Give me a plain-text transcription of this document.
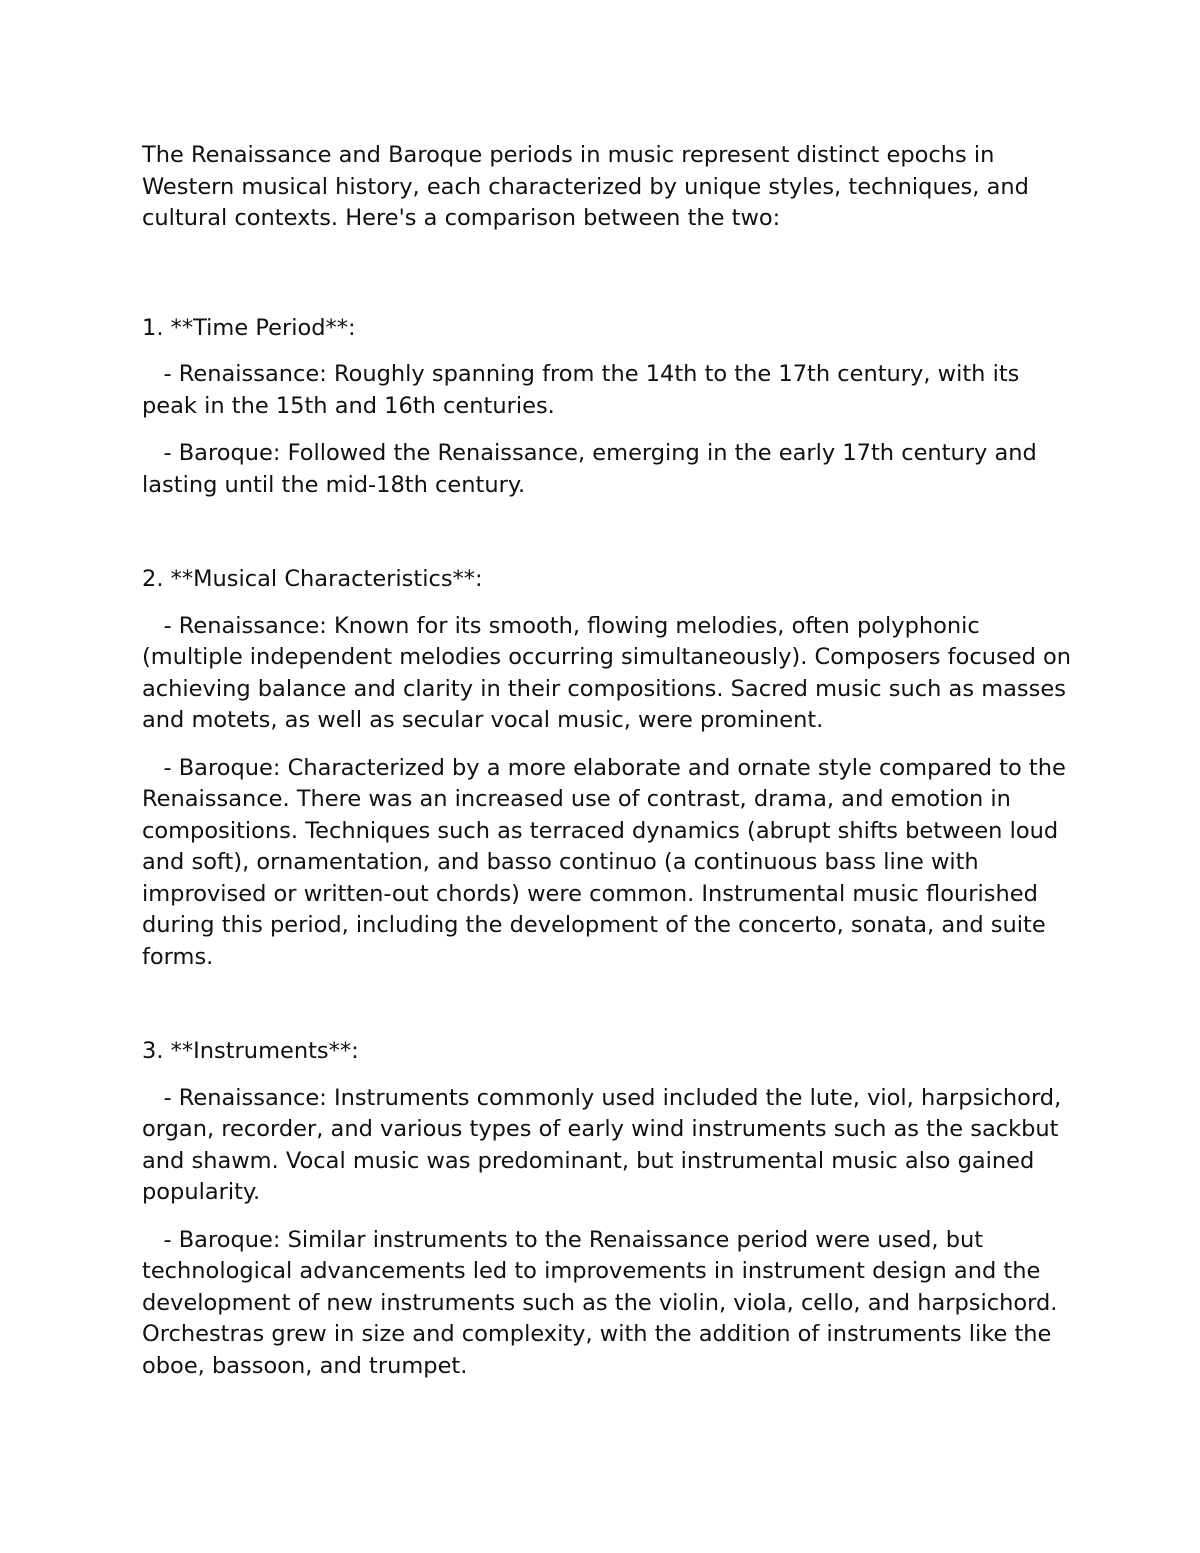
The Renaissance and Baroque periods in music represent distinct epochs in Western musical history, each characterized by unique styles, techniques, and cultural contexts. Here's a comparison between the two:

1. **Time Period**:

- Renaissance: Roughly spanning from the 14th to the 17th century, with its peak in the 15th and 16th centuries.

- Baroque: Followed the Renaissance, emerging in the early 17th century and lasting until the mid-18th century.

2. **Musical Characteristics**:

- Renaissance: Known for its smooth, flowing melodies, often polyphonic (multiple independent melodies occurring simultaneously). Composers focused on achieving balance and clarity in their compositions. Sacred music such as masses and motets, as well as secular vocal music, were prominent.

- Baroque: Characterized by a more elaborate and ornate style compared to the Renaissance. There was an increased use of contrast, drama, and emotion in compositions. Techniques such as terraced dynamics (abrupt shifts between loud and soft), ornamentation, and basso continuo (a continuous bass line with improvised or written-out chords) were common. Instrumental music flourished during this period, including the development of the concerto, sonata, and suite forms.

3. **Instruments**:

- Renaissance: Instruments commonly used included the lute, viol, harpsichord, organ, recorder, and various types of early wind instruments such as the sackbut and shawm. Vocal music was predominant, but instrumental music also gained popularity.

- Baroque: Similar instruments to the Renaissance period were used, but technological advancements led to improvements in instrument design and the development of new instruments such as the violin, viola, cello, and harpsichord. Orchestras grew in size and complexity, with the addition of instruments like the oboe, bassoon, and trumpet.
